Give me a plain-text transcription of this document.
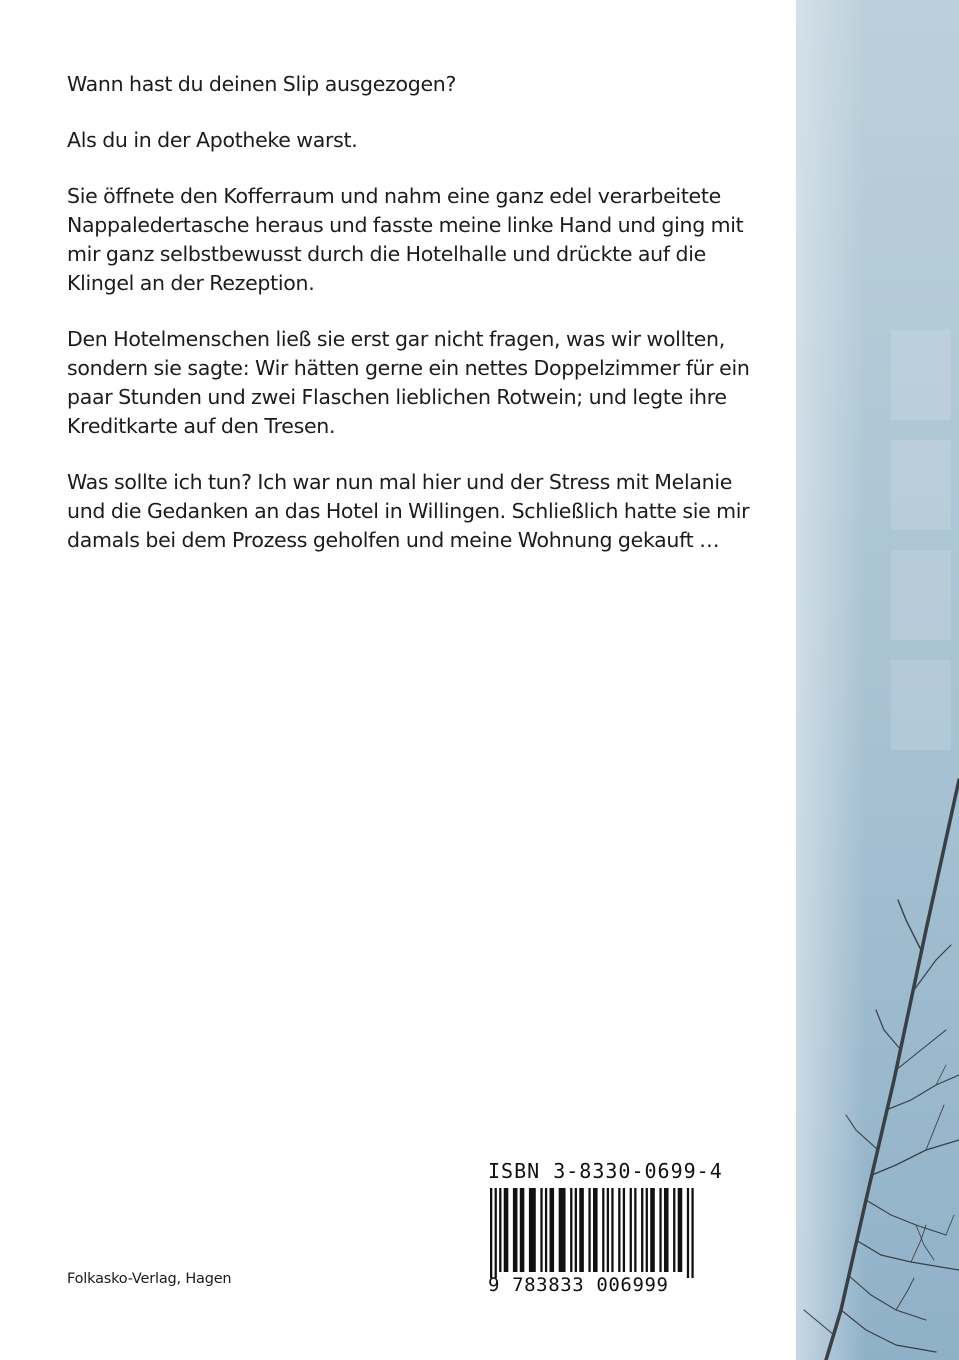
Wann hast du deinen Slip ausgezogen?

Als du in der Apotheke warst.

Sie öffnete den Kofferraum und nahm eine ganz edel verarbeitete
Nappaledertasche heraus und fasste meine linke Hand und ging mit
mir ganz selbstbewusst durch die Hotelhalle und drückte auf die
Klingel an der Rezeption.

Den Hotelmenschen ließ sie erst gar nicht fragen, was wir wollten,
sondern sie sagte: Wir hätten gerne ein nettes Doppelzimmer für ein
paar Stunden und zwei Flaschen lieblichen Rotwein; und legte ihre
Kreditkarte auf den Tresen.

Was sollte ich tun? Ich war nun mal hier und der Stress mit Melanie
und die Gedanken an das Hotel in Willingen. Schließlich hatte sie mir
damals bei dem Prozess geholfen und meine Wohnung gekauft …

Folkasko-Verlag, Hagen
ISBN 3-8330-0699-4
9 783833 006999
